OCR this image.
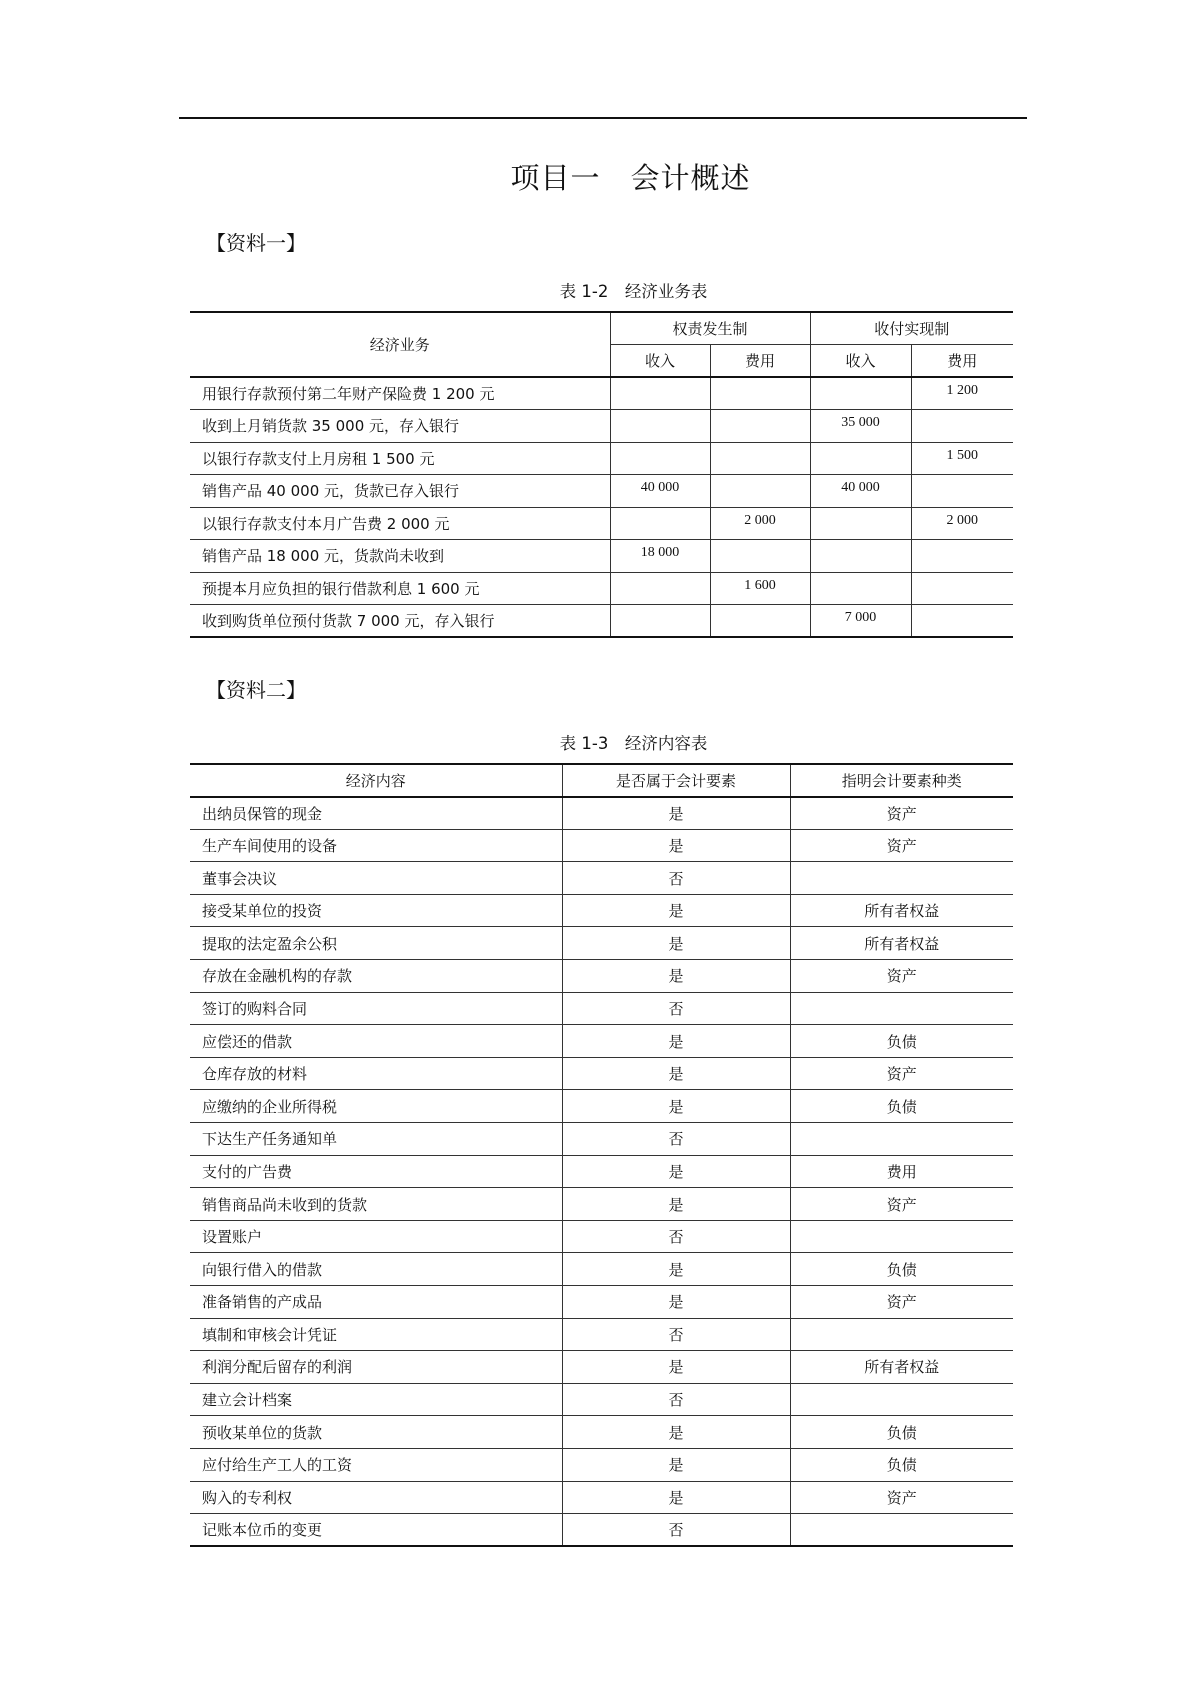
项目一　会计概述
【资料一】
表 1-2　经济业务表
经济业务	权责发生制		收付实现制	
	收入	费用	收入	费用
用银行存款预付第二年财产保险费 1 200 元				1 200
收到上月销货款 35 000 元，存入银行			35 000	
以银行存款支付上月房租 1 500 元				1 500
销售产品 40 000 元，货款已存入银行	40 000		40 000	
以银行存款支付本月广告费 2 000 元		2 000		2 000
销售产品 18 000 元，货款尚未收到	18 000			
预提本月应负担的银行借款利息 1 600 元		1 600		
收到购货单位预付货款 7 000 元，存入银行			7 000	
【资料二】
表 1-3　经济内容表
经济内容	是否属于会计要素	指明会计要素种类
出纳员保管的现金	是	资产
生产车间使用的设备	是	资产
董事会决议	否	
接受某单位的投资	是	所有者权益
提取的法定盈余公积	是	所有者权益
存放在金融机构的存款	是	资产
签订的购料合同	否	
应偿还的借款	是	负债
仓库存放的材料	是	资产
应缴纳的企业所得税	是	负债
下达生产任务通知单	否	
支付的广告费	是	费用
销售商品尚未收到的货款	是	资产
设置账户	否	
向银行借入的借款	是	负债
准备销售的产成品	是	资产
填制和审核会计凭证	否	
利润分配后留存的利润	是	所有者权益
建立会计档案	否	
预收某单位的货款	是	负债
应付给生产工人的工资	是	负债
购入的专利权	是	资产
记账本位币的变更	否	
